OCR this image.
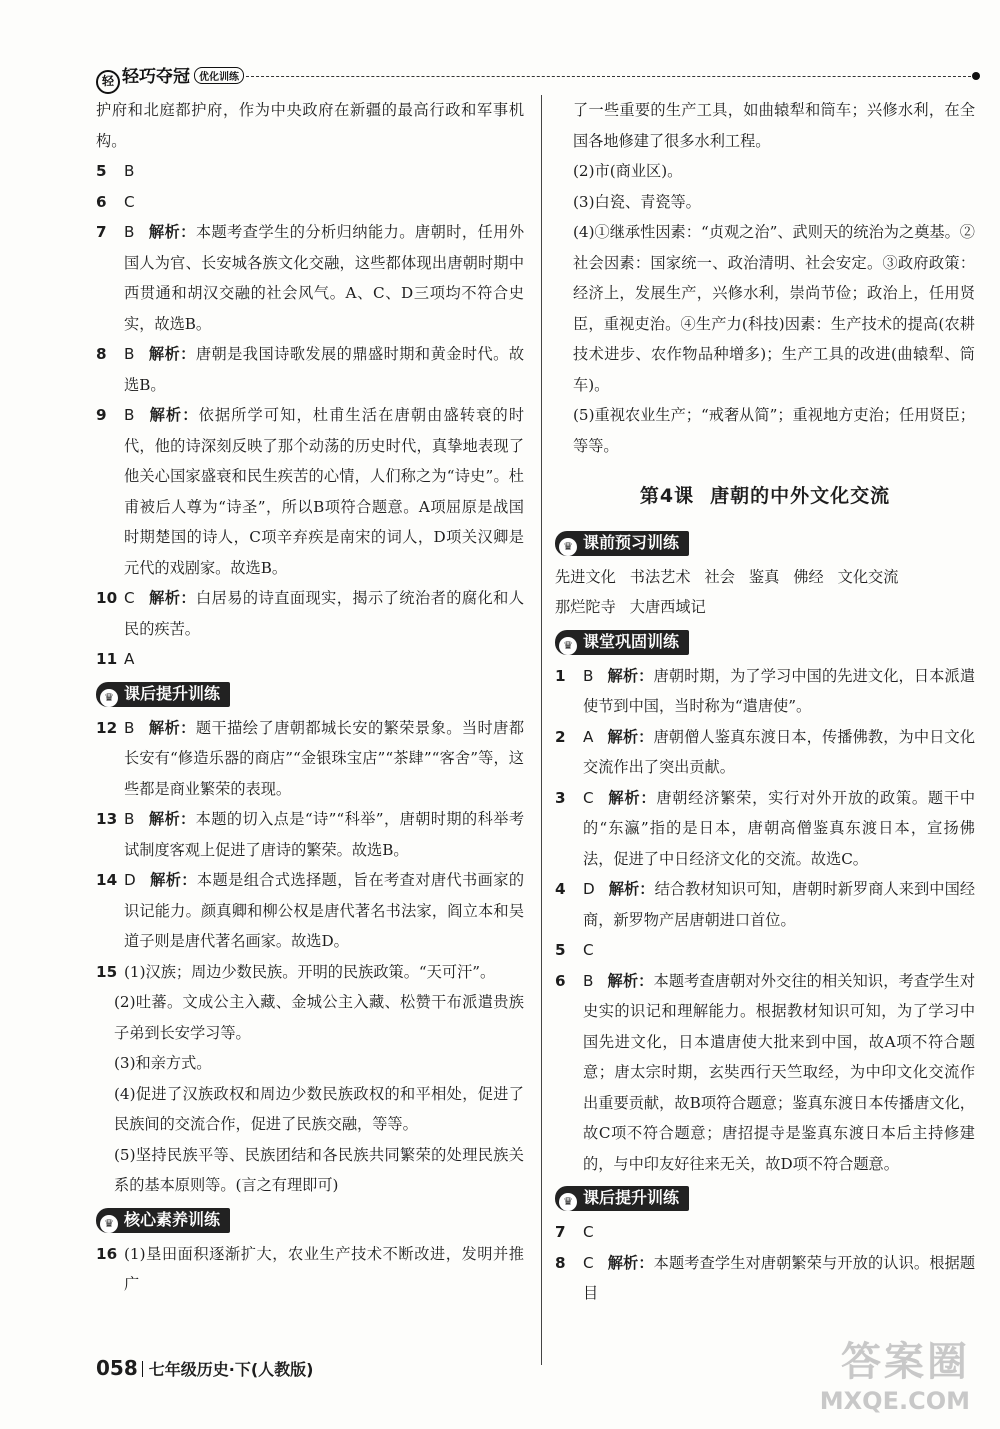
轻 轻巧夺冠 优化训练

护府和北庭都护府，作为中央政府在新疆的最高行政和军事机构。

5 B

6 C

7 B 解析：本题考查学生的分析归纳能力。唐朝时，任用外国人为官、长安城各族文化交融，这些都体现出唐朝时期中西贯通和胡汉交融的社会风气。A、C、D三项均不符合史实，故选B。

8 B 解析：唐朝是我国诗歌发展的鼎盛时期和黄金时代。故选B。

9 B 解析：依据所学可知，杜甫生活在唐朝由盛转衰的时代，他的诗深刻反映了那个动荡的历史时代，真挚地表现了他关心国家盛衰和民生疾苦的心情，人们称之为“诗史”。杜甫被后人尊为“诗圣”，所以B项符合题意。A项屈原是战国时期楚国的诗人，C项辛弃疾是南宋的词人，D项关汉卿是元代的戏剧家。故选B。

10 C 解析：白居易的诗直面现实，揭示了统治者的腐化和人民的疾苦。

11 A

♛ 课后提升训练

12 B 解析：题干描绘了唐朝都城长安的繁荣景象。当时唐都长安有“修造乐器的商店”“金银珠宝店”“茶肆”“客舍”等，这些都是商业繁荣的表现。

13 B 解析：本题的切入点是“诗”“科举”，唐朝时期的科举考试制度客观上促进了唐诗的繁荣。故选B。

14 D 解析：本题是组合式选择题，旨在考查对唐代书画家的识记能力。颜真卿和柳公权是唐代著名书法家，阎立本和吴道子则是唐代著名画家。故选D。

15 (1)汉族；周边少数民族。开明的民族政策。“天可汗”。

(2)吐蕃。文成公主入藏、金城公主入藏、松赞干布派遣贵族子弟到长安学习等。

(3)和亲方式。

(4)促进了汉族政权和周边少数民族政权的和平相处，促进了民族间的交流合作，促进了民族交融，等等。

(5)坚持民族平等、民族团结和各民族共同繁荣的处理民族关系的基本原则等。(言之有理即可)

♛ 核心素养训练

16 (1)垦田面积逐渐扩大，农业生产技术不断改进，发明并推广

了一些重要的生产工具，如曲辕犁和筒车；兴修水利，在全国各地修建了很多水利工程。

(2)市(商业区)。

(3)白瓷、青瓷等。

(4)①继承性因素：“贞观之治”、武则天的统治为之奠基。②社会因素：国家统一、政治清明、社会安定。③政府政策：经济上，发展生产，兴修水利，崇尚节俭；政治上，任用贤臣，重视吏治。④生产力(科技)因素：生产技术的提高(农耕技术进步、农作物品种增多)；生产工具的改进(曲辕犁、筒车)。

(5)重视农业生产；“戒奢从简”；重视地方吏治；任用贤臣；等等。

第4课 唐朝的中外文化交流
♛ 课前预习训练

先进文化 书法艺术 社会 鉴真 佛经 文化交流
那烂陀寺 大唐西域记

♛ 课堂巩固训练

1 B 解析：唐朝时期，为了学习中国的先进文化，日本派遣使节到中国，当时称为“遣唐使”。

2 A 解析：唐朝僧人鉴真东渡日本，传播佛教，为中日文化交流作出了突出贡献。

3 C 解析：唐朝经济繁荣，实行对外开放的政策。题干中的“东瀛”指的是日本，唐朝高僧鉴真东渡日本，宣扬佛法，促进了中日经济文化的交流。故选C。

4 D 解析：结合教材知识可知，唐朝时新罗商人来到中国经商，新罗物产居唐朝进口首位。

5 C

6 B 解析：本题考查唐朝对外交往的相关知识，考查学生对史实的识记和理解能力。根据教材知识可知，为了学习中国先进文化，日本遣唐使大批来到中国，故A项不符合题意；唐太宗时期，玄奘西行天竺取经，为中印文化交流作出重要贡献，故B项符合题意；鉴真东渡日本传播唐文化，故C项不符合题意；唐招提寺是鉴真东渡日本后主持修建的，与中印友好往来无关，故D项不符合题意。

♛ 课后提升训练

7 C

8 C 解析：本题考查学生对唐朝繁荣与开放的认识。根据题目

058 七年级历史·下(人教版)	答案圈
MXQE.COM
